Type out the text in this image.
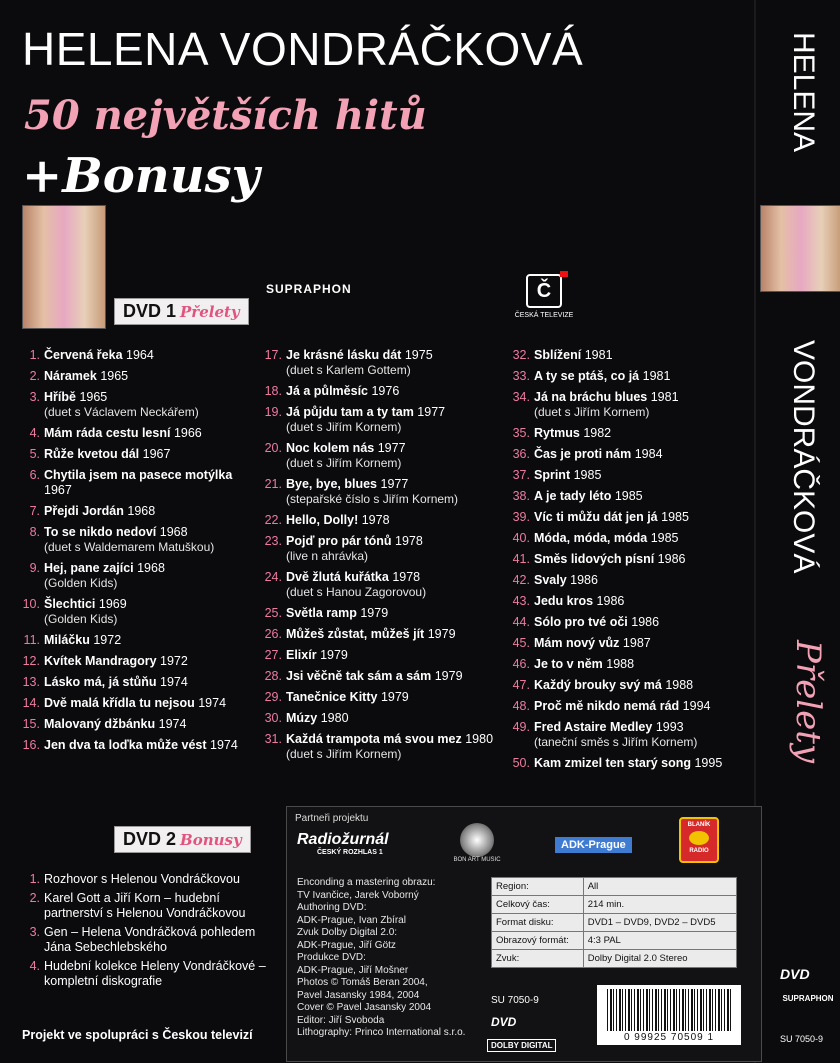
HELENA VONDRÁČKOVÁ
50 největších hitů
+Bonusy
DVD 1 Přelety
SUPRAPHON	Č
ČESKÁ TELEVIZE
1. Červená řeka 1964
2. Náramek 1965
3. Hříbě 1965
(duet s Václavem Neckářem)
4. Mám ráda cestu lesní 1966
5. Růže kvetou dál 1967
6. Chytila jsem na pasece motýlka 1967
7. Přejdi Jordán 1968
8. To se nikdo nedoví 1968
(duet s Waldemarem Matuškou)
9. Hej, pane zajíci 1968
(Golden Kids)
10. Šlechtici 1969
(Golden Kids)
11. Miláčku 1972
12. Kvítek Mandragory 1972
13. Lásko má, já stůňu 1974
14. Dvě malá křídla tu nejsou 1974
15. Malovaný džbánku 1974
16. Jen dva ta loďka může vést 1974
17. Je krásné lásku dát 1975
(duet s Karlem Gottem)
18. Já a půlměsíc 1976
19. Já půjdu tam a ty tam 1977
(duet s Jiřím Kornem)
20. Noc kolem nás 1977
(duet s Jiřím Kornem)
21. Bye, bye, blues 1977
(stepařské číslo s Jiřím Kornem)
22. Hello, Dolly! 1978
23. Pojď pro pár tónů 1978
(live n ahrávka)
24. Dvě žlutá kuřátka 1978
(duet s Hanou Zagorovou)
25. Světla ramp 1979
26. Můžeš zůstat, můžeš jít 1979
27. Elixír 1979
28. Jsi věčně tak sám a sám 1979
29. Tanečnice Kitty 1979
30. Múzy 1980
31. Každá trampota má svou mez 1980
(duet s Jiřím Kornem)
32. Sblížení 1981
33. A ty se ptáš, co já 1981
34. Já na bráchu blues 1981
(duet s Jiřím Kornem)
35. Rytmus 1982
36. Čas je proti nám 1984
37. Sprint 1985
38. A je tady léto 1985
39. Víc ti můžu dát jen já 1985
40. Móda, móda, móda 1985
41. Směs lidových písní 1986
42. Svaly 1986
43. Jedu kros 1986
44. Sólo pro tvé oči 1986
45. Mám nový vůz 1987
46. Je to v něm 1988
47. Každý brouky svý má 1988
48. Proč mě nikdo nemá rád 1994
49. Fred Astaire Medley 1993
(taneční směs s Jiřím Kornem)
50. Kam zmizel ten starý song 1995
DVD 2 Bonusy
1. Rozhovor s Helenou Vondráčkovou
2. Karel Gott a Jiří Korn – hudební partnerství s Helenou Vondráčkovou
3. Gen – Helena Vondráčková pohledem Jána Sebechlebského
4. Hudební kolekce Heleny Vondráčkové – kompletní diskografie
Projekt ve spolupráci s Českou televizí
Partneři projektu
Radiožurnál
ČESKÝ ROZHLAS 1
BON ART MUSIC
ADK-Prague
BLANÍK
RADIO
Enconding a mastering obrazu:
TV Ivančice, Jarek Voborný
Authoring DVD:
ADK-Prague, Ivan Zbíral
Zvuk Dolby Digital 2.0:
ADK-Prague, Jiří Götz
Produkce DVD:
ADK-Prague, Jiří Mošner
Photos © Tomáš Beran 2004,
Pavel Jasansky 1984, 2004
Cover © Pavel Jasansky 2004
Editor: Jiří Svoboda
Lithography: Princo International s.r.o.
Region:	All
Celkový čas:	214 min.
Format disku:	DVD1 – DVD9, DVD2 – DVD5
Obrazový formát:	4:3 PAL
Zvuk:	Dolby Digital 2.0 Stereo
SU 7050-9
DVD
DOLBY DIGITAL
0 99925 70509 1
HELENA
VONDRÁČKOVÁ
Přelety
DVD
SUPRAPHON
SU 7050-9
